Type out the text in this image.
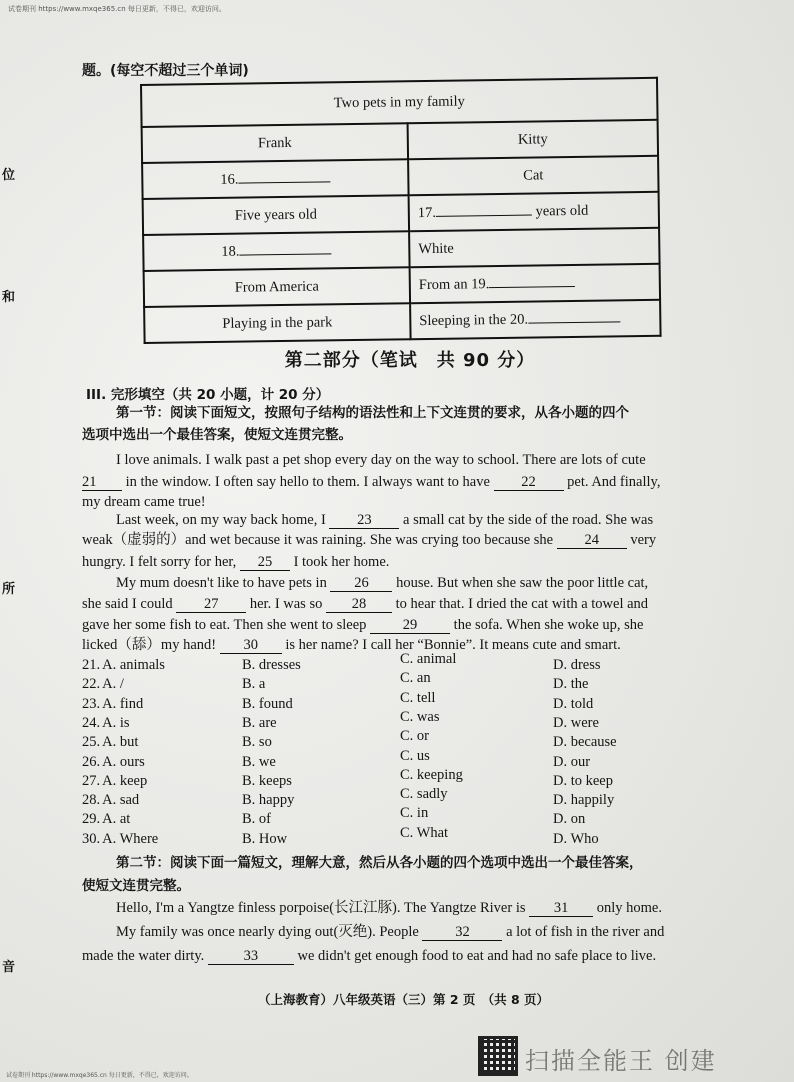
试卷期刊 https://www.mxqe365.cn 每日更新，不得已，欢迎访问。
位
和
所
音
题。(每空不超过三个单词)
Two pets in my family	
Frank	Kitty
16.	Cat
Five years old	17. years old
18.	White
From America	From an 19.
Playing in the park	Sleeping in the 20.
第二部分（笔试　共 90 分）
III. 完形填空（共 20 小题，计 20 分）
第一节：阅读下面短文，按照句子结构的语法性和上下文连贯的要求，从各小题的四个
选项中选出一个最佳答案，使短文连贯完整。
I love animals. I walk past a pet shop every day on the way to school. There are lots of cute
21 in the window. I often say hello to them. I always want to have 22 pet. And finally,
my dream came true!
Last week, on my way back home, I 23 a small cat by the side of the road. She was
weak（虚弱的）and wet because it was raining. She was crying too because she 24 very
hungry. I felt sorry for her, 25 I took her home.
My mum doesn't like to have pets in 26 house. But when she saw the poor little cat,
she said I could 27 her. I was so 28 to hear that. I dried the cat with a towel and
gave her some fish to eat. Then she went to sleep	29	the sofa. When she woke up, she
licked（舔）my hand! 30 is her name? I call her “Bonnie”. It means cute and smart.
21. A. animals	B. dresses	C. animal	D. dress
22. A. /	B. a	C. an	D. the
23. A. find	B. found	C. tell	D. told
24. A. is	B. are	C. was	D. were
25. A. but	B. so	C. or	D. because
26. A. ours	B. we	C. us	D. our
27. A. keep	B. keeps	C. keeping	D. to keep
28. A. sad	B. happy	C. sadly	D. happily
29. A. at	B. of	C. in	D. on
30. A. Where	B. How	C. What	D. Who
第二节：阅读下面一篇短文，理解大意，然后从各小题的四个选项中选出一个最佳答案，
使短文连贯完整。
Hello, I'm a Yangtze finless porpoise(长江江豚). The Yangtze River is 31 only home.
My family was once nearly dying out(灭绝). People	32	a lot of fish in the river and
made the water dirty.	33	we didn't get enough food to eat and had no safe place to live.
（上海教育）八年级英语（三）第 2 页　（共 8 页）
扫描全能王 创建
试卷期刊 https://www.mxqe365.cn 每日更新，不得已，欢迎访问。
